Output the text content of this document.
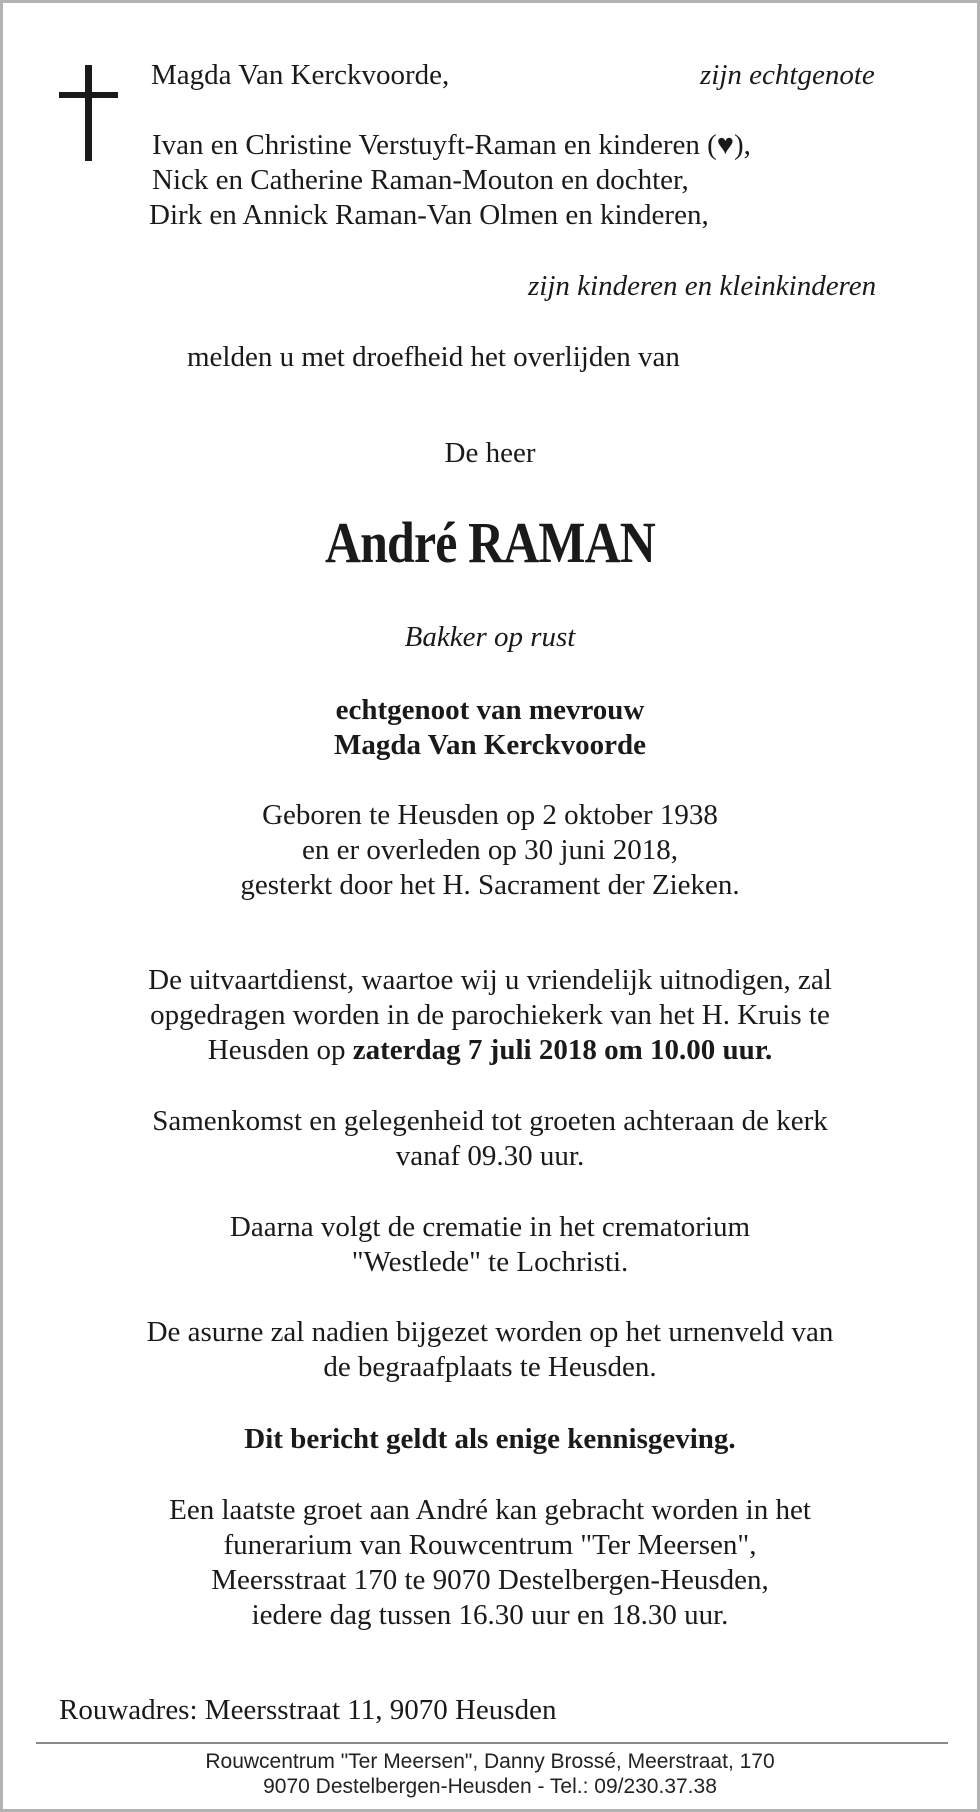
Magda Van Kerckvoorde,	zijn echtgenote
Ivan en Christine Verstuyft-Raman en kinderen (♥),
Nick en Catherine Raman-Mouton en dochter,
Dirk en Annick Raman-Van Olmen en kinderen,
zijn kinderen en kleinkinderen
melden u met droefheid het overlijden van
De heer
André RAMAN
Bakker op rust
echtgenoot van mevrouw
Magda Van Kerckvoorde
Geboren te Heusden op 2 oktober 1938
en er overleden op 30 juni 2018,
gesterkt door het H. Sacrament der Zieken.
De uitvaartdienst, waartoe wij u vriendelijk uitnodigen, zal
opgedragen worden in de parochiekerk van het H. Kruis te
Heusden op zaterdag 7 juli 2018 om 10.00 uur.
Samenkomst en gelegenheid tot groeten achteraan de kerk
vanaf 09.30 uur.
Daarna volgt de crematie in het crematorium
"Westlede" te Lochristi.
De asurne zal nadien bijgezet worden op het urnenveld van
de begraafplaats te Heusden.
Dit bericht geldt als enige kennisgeving.
Een laatste groet aan André kan gebracht worden in het
funerarium van Rouwcentrum "Ter Meersen",
Meersstraat 170 te 9070 Destelbergen-Heusden,
iedere dag tussen 16.30 uur en 18.30 uur.
Rouwadres: Meersstraat 11, 9070 Heusden
Rouwcentrum "Ter Meersen", Danny Brossé, Meerstraat, 170
9070 Destelbergen-Heusden - Tel.: 09/230.37.38
